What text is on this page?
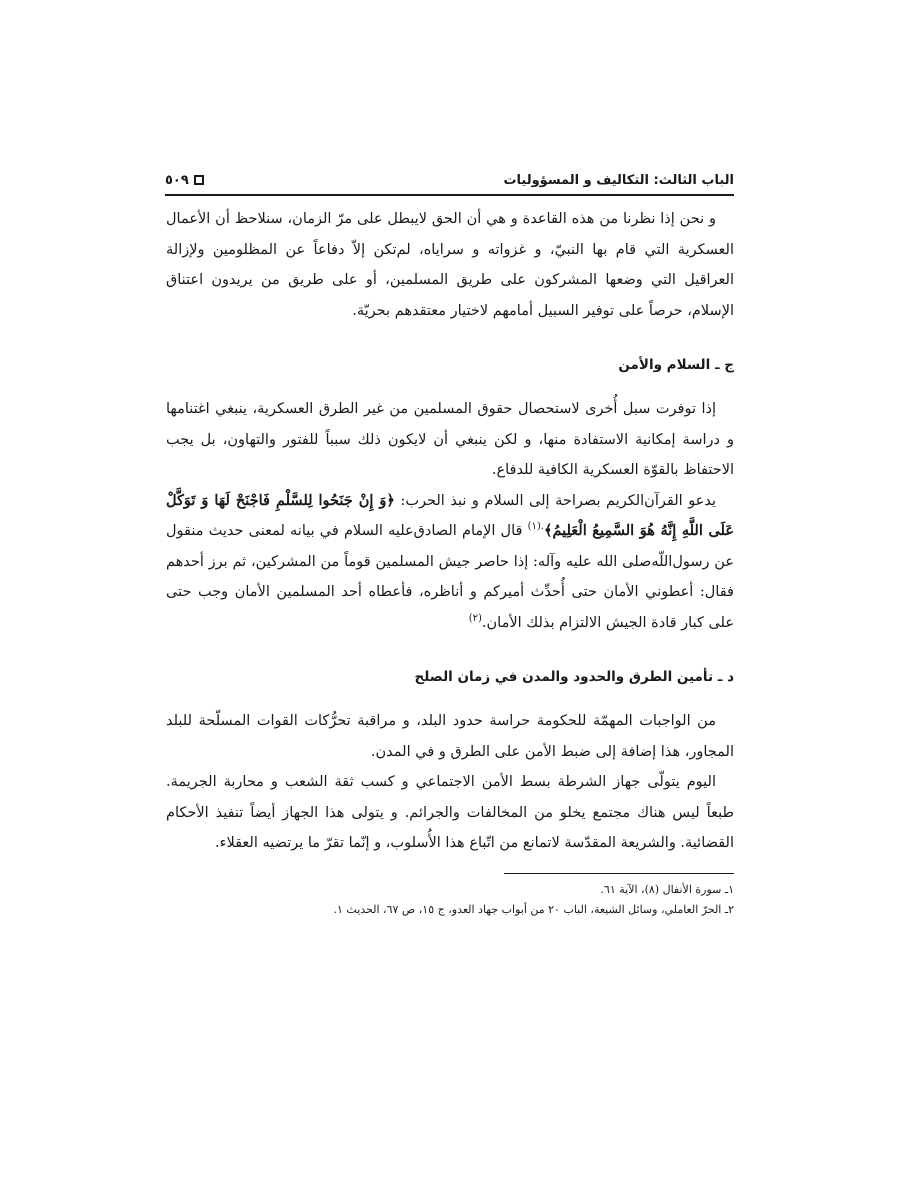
الباب الثالث: التكاليف و المسؤوليات
٥٠٩

و نحن إذا نظرنا من هذه القاعدة و هي أن الحق لايبطل على مرّ الزمان، سنلاحظ أن الأعمال العسكرية التي قام بها النبيّ، و غزواته و سراياه، لم‌تكن إلاّ دفاعاً عن المظلومين ولإزالة العراقيل التي وضعها المشركون على طريق المسلمين، أو على طريق من يريدون اعتناق الإسلام، حرصاً على توفير السبيل أمامهم لاختيار معتقدهم بحريّة.

ج ـ السلام والأمن

إذا توفرت سبل أُخرى لاستحصال حقوق المسلمين من غير الطرق العسكرية، ينبغي اغتنامها و دراسة إمكانية الاستفادة منها، و لكن ينبغي أن لايكون ذلك سبباً للفتور والتهاون، بل يجب الاحتفاظ بالقوّة العسكرية الكافية للدفاع.

يدعو القرآن‌الكريم بصراحة إلى السلام و نبذ الحرب: ﴿وَ إِنْ جَنَحُوا لِلسَّلْمِ فَاجْنَحْ لَهَا وَ تَوَكَّلْ عَلَى اللَّهِ إِنَّهُ هُوَ السَّمِيعُ الْعَلِيمُ﴾$^{.(١)}$ قال الإمام الصادق‌عليه السلام في بيانه لمعنى حديث منقول عن رسول‌اللّه‌صلى الله عليه وآله: إذا حاصر جيش المسلمين قوماً من المشركين، ثم برز أحدهم فقال: أعطوني الأمان حتى أُحدِّث أميركم و أناظره، فأعطاه أحد المسلمين الأمان وجب حتى على كبار قادة الجيش الالتزام بذلك الأمان.$^{(٢)}$

د ـ تأمين الطرق والحدود والمدن في زمان الصلح

من الواجبات المهمّة للحكومة حراسة حدود البلد، و مراقبة تحرُّكات القوات المسلّحة للبلد المجاور، هذا إضافة إلى ضبط الأمن على الطرق و في المدن.

اليوم يتولّى جهاز الشرطة بسط الأمن الاجتماعي و كسب ثقة الشعب و محاربة الجريمة. طبعاً ليس هناك مجتمع يخلو من المخالفات والجرائم. و يتولى هذا الجهاز أيضاً تنفيذ الأحكام القضائية. والشريعة المقدّسة لاتمانع من اتّباع هذا الأُسلوب، و إنّما تقرّ ما يرتضيه العقلاء.

١ـ سورة الأنفال (٨)، الآية ٦١.

٢ـ الحرّ العاملي، وسائل الشيعة، الباب ٢٠ من أبواب جهاد العدو، ج ١٥، ص ٦٧، الحديث ١.
